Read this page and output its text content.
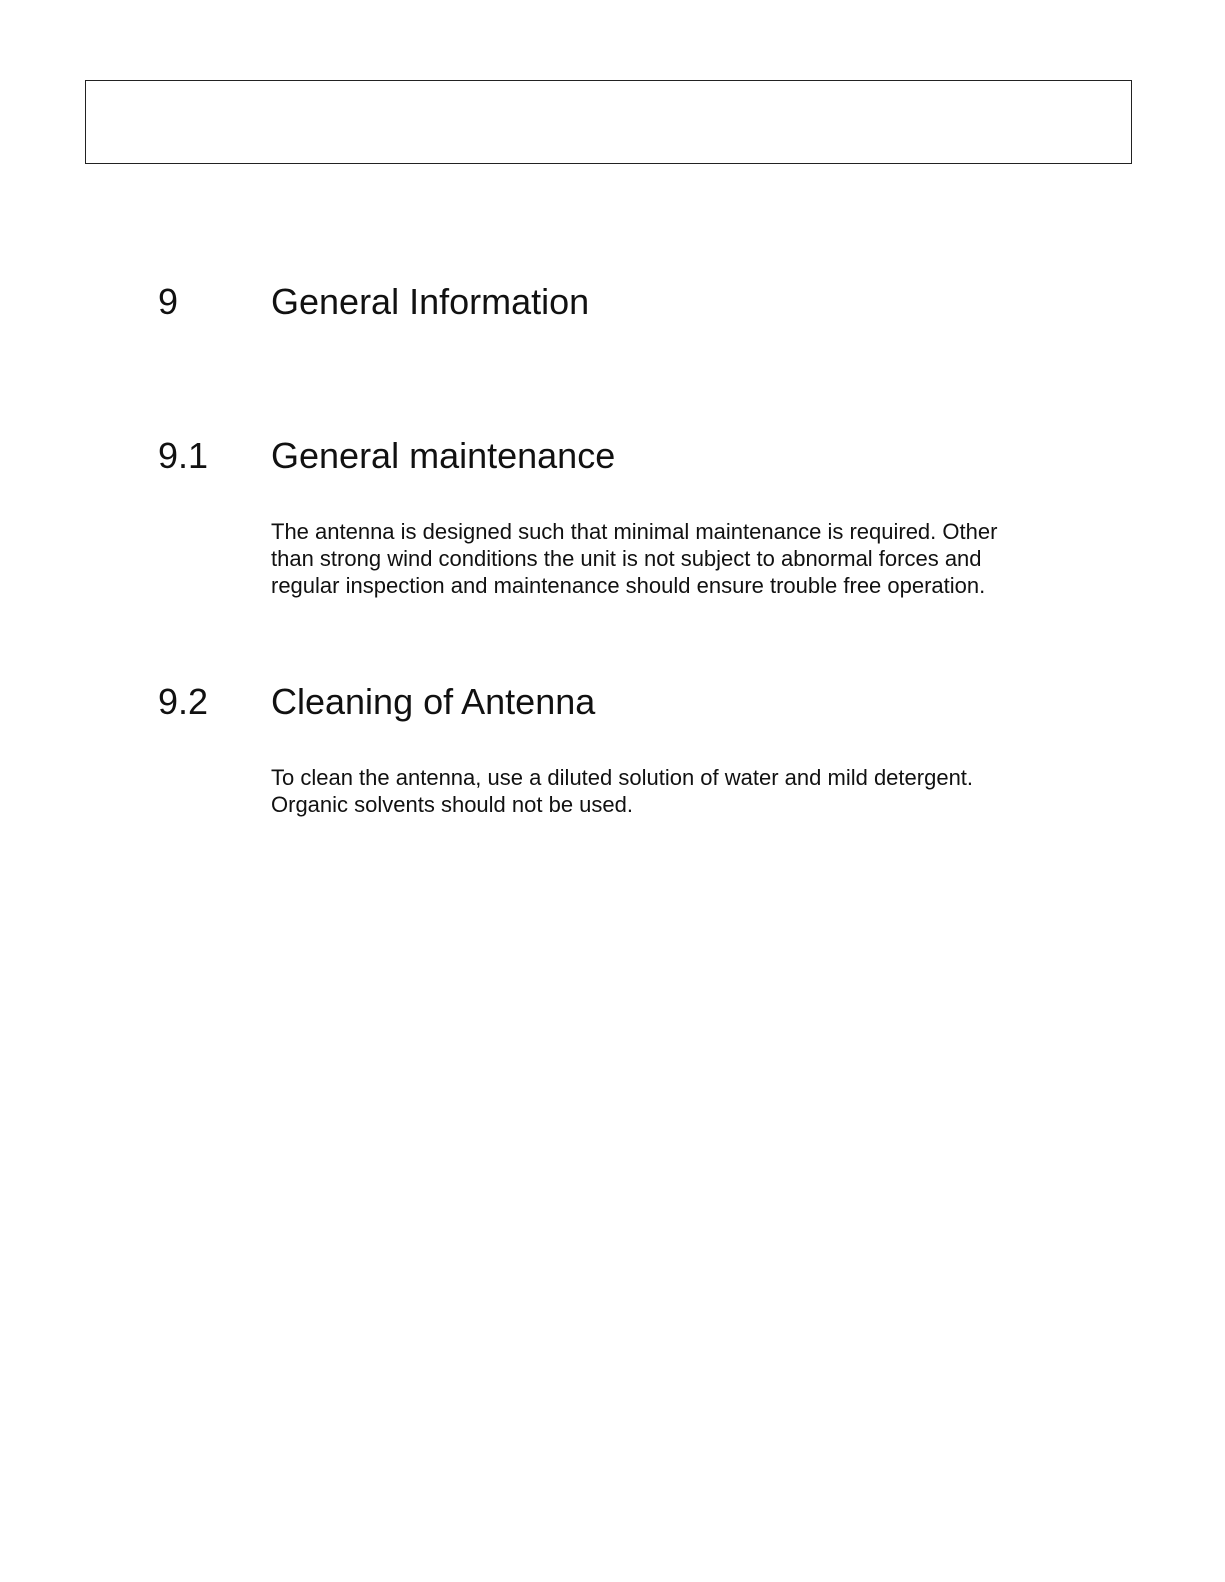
9	General Information
9.1 General maintenance

The antenna is designed such that minimal maintenance is required. Other
than strong wind conditions the unit is not subject to abnormal forces and
regular inspection and maintenance should ensure trouble free operation.

9.2 Cleaning of Antenna

To clean the antenna, use a diluted solution of water and mild detergent.
Organic solvents should not be used.
